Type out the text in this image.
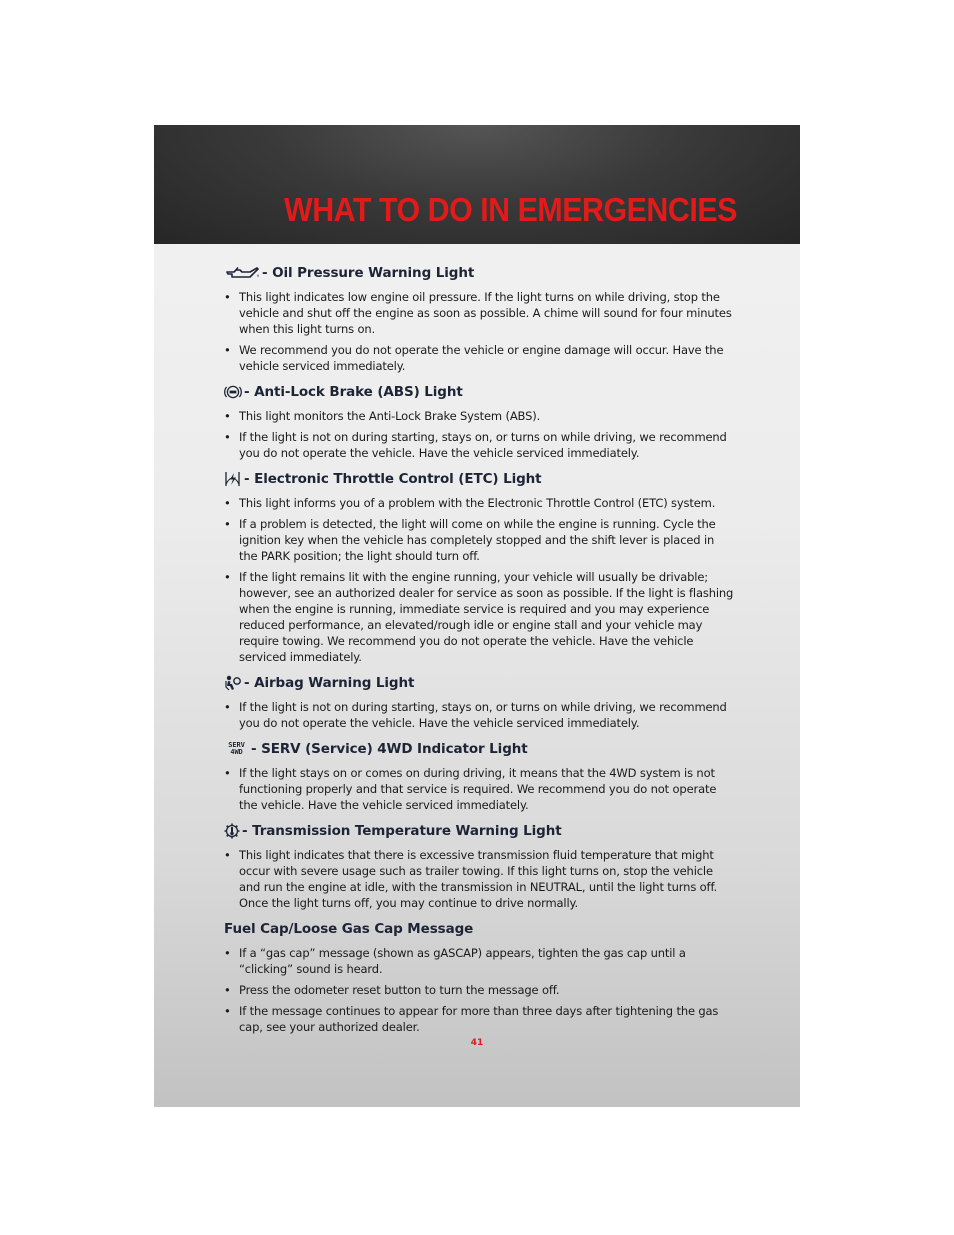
WHAT TO DO IN EMERGENCIES
- Oil Pressure Warning Light
• This light indicates low engine oil pressure. If the light turns on while driving, stop the vehicle and shut off the engine as soon as possible. A chime will sound for four minutes when this light turns on.
• We recommend you do not operate the vehicle or engine damage will occur. Have the vehicle serviced immediately.
- Anti-Lock Brake (ABS) Light
• This light monitors the Anti-Lock Brake System (ABS).
• If the light is not on during starting, stays on, or turns on while driving, we recommend you do not operate the vehicle. Have the vehicle serviced immediately.
- Electronic Throttle Control (ETC) Light
• This light informs you of a problem with the Electronic Throttle Control (ETC) system.
• If a problem is detected, the light will come on while the engine is running. Cycle the ignition key when the vehicle has completely stopped and the shift lever is placed in the PARK position; the light should turn off.
• If the light remains lit with the engine running, your vehicle will usually be drivable; however, see an authorized dealer for service as soon as possible. If the light is flashing when the engine is running, immediate service is required and you may experience reduced performance, an elevated/rough idle or engine stall and your vehicle may require towing. We recommend you do not operate the vehicle. Have the vehicle serviced immediately.
- Airbag Warning Light
• If the light is not on during starting, stays on, or turns on while driving, we recommend you do not operate the vehicle. Have the vehicle serviced immediately.
SERV
4WD - SERV (Service) 4WD Indicator Light
• If the light stays on or comes on during driving, it means that the 4WD system is not functioning properly and that service is required. We recommend you do not operate the vehicle. Have the vehicle serviced immediately.
- Transmission Temperature Warning Light
• This light indicates that there is excessive transmission fluid temperature that might occur with severe usage such as trailer towing. If this light turns on, stop the vehicle and run the engine at idle, with the transmission in NEUTRAL, until the light turns off. Once the light turns off, you may continue to drive normally.
Fuel Cap/Loose Gas Cap Message
• If a “gas cap” message (shown as gASCAP) appears, tighten the gas cap until a “clicking” sound is heard.
• Press the odometer reset button to turn the message off.
• If the message continues to appear for more than three days after tightening the gas cap, see your authorized dealer.
41
